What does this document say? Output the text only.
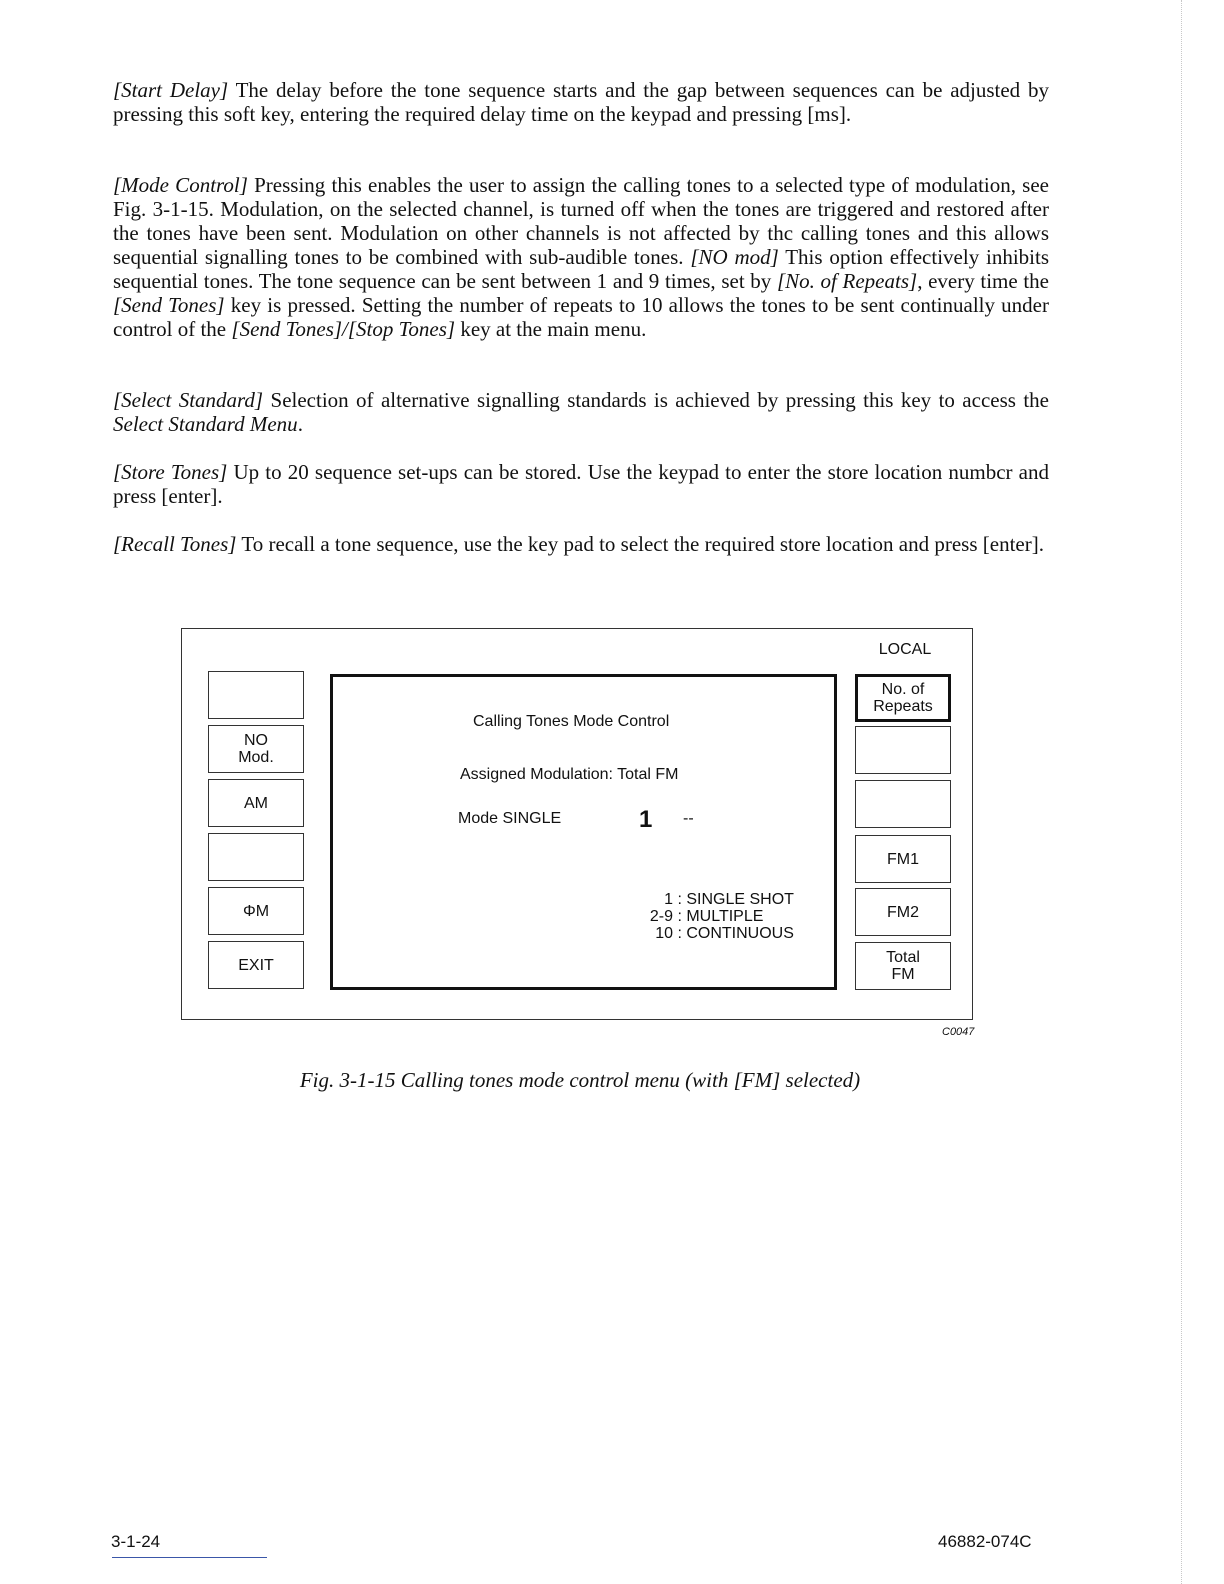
[Start Delay] The delay before the tone sequence starts and the gap between sequences can be adjusted by pressing this soft key, entering the required delay time on the keypad and pressing [ms].

[Mode Control] Pressing this enables the user to assign the calling tones to a selected type of modulation, see Fig. 3-1-15. Modulation, on the selected channel, is turned off when the tones are triggered and restored after the tones have been sent. Modulation on other channels is not affected by thc calling tones and this allows sequential signalling tones to be combined with sub-audible tones. [NO mod] This option effectively inhibits sequential tones. The tone sequence can be sent between 1 and 9 times, set by [No. of Repeats], every time the [Send Tones] key is pressed. Setting the number of repeats to 10 allows the tones to be sent continually under control of the [Send Tones]/[Stop Tones] key at the main menu.

[Select Standard] Selection of alternative signalling standards is achieved by pressing this key to access the Select Standard Menu.

[Store Tones] Up to 20 sequence set-ups can be stored. Use the keypad to enter the store location numbcr and press [enter].

[Recall Tones] To recall a tone sequence, use the key pad to select the required store location and press [enter].

LOCAL
NO
Mod.
AM
ΦM
EXIT
Calling Tones Mode Control
Assigned Modulation: Total FM
Mode SINGLE	1 --
1 : SINGLE SHOT
2-9 : MULTIPLE
10 : CONTINUOUS
No. of
Repeats
FM1
FM2
Total
FM
C0047
Fig. 3-1-15 Calling tones mode control menu (with [FM] selected)
3-1-24	46882-074C
